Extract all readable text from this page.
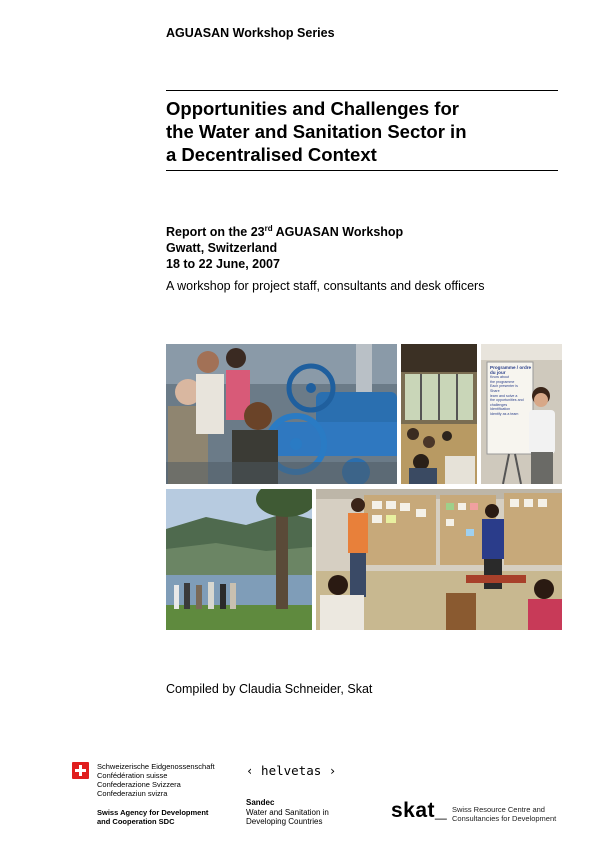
AGUASAN Workshop Series
Opportunities and Challenges for
the Water and Sanitation Sector in
a Decentralised Context
Report on the 23rd AGUASAN Workshop
Gwatt, Switzerland
18 to 22 June, 2007
A workshop for project staff, consultants and desk officers
Programme / ordre du jour
Know about
the programme
Each presenter is
Share
learn and solve a
the opportunities and
challenges
Identification
Identify as a team
Compiled by Claudia Schneider, Skat
Schweizerische Eidgenossenschaft
Confédération suisse
Confederazione Svizzera
Confederaziun svizra
Swiss Agency for Development
and Cooperation SDC
‹ helvetas ›
Sandec
Water and Sanitation in
Developing Countries	skat_ Swiss Resource Centre and
Consultancies for Development
